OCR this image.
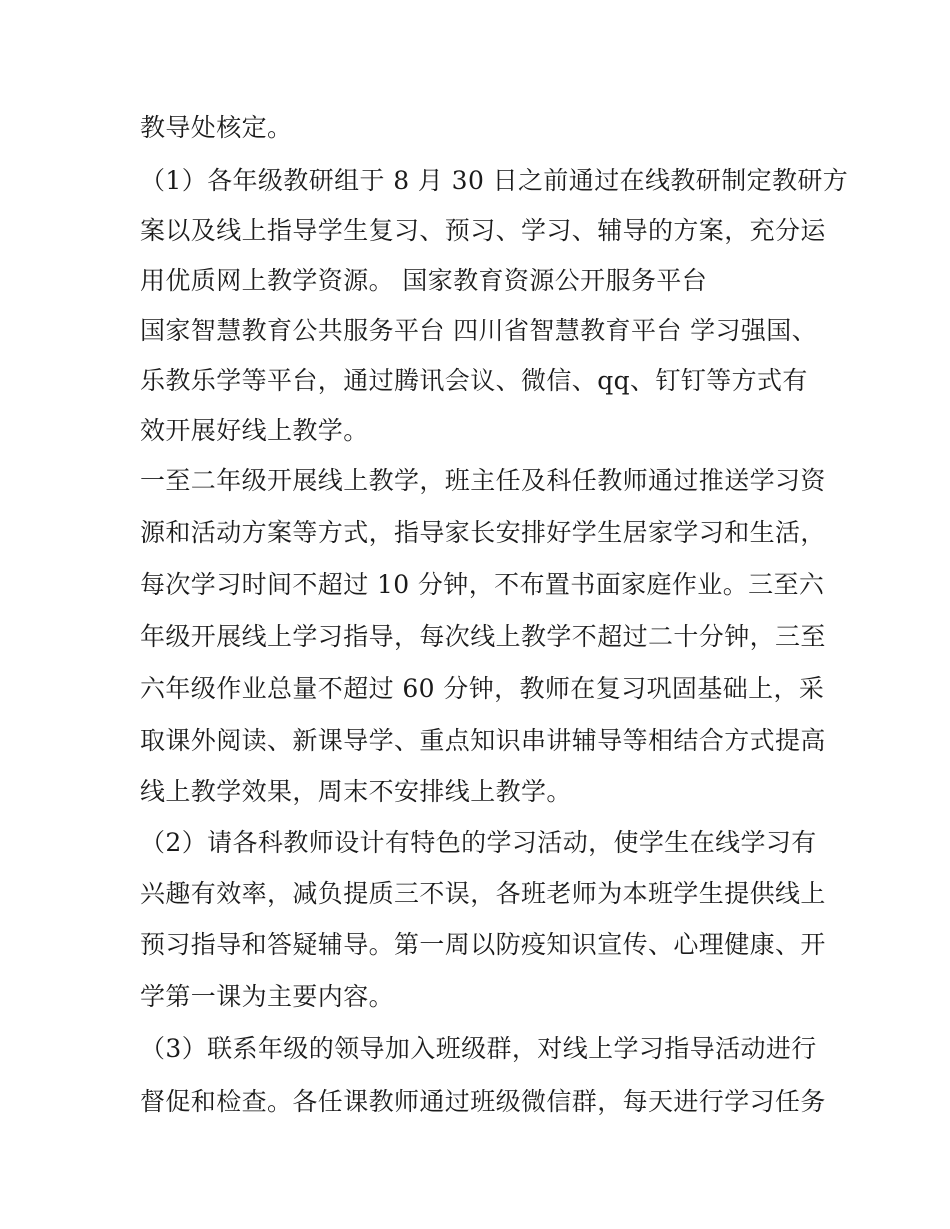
教导处核定。
（1）各年级教研组于 8 月 30 日之前通过在线教研制定教研方
案以及线上指导学生复习、预习、学习、辅导的方案，充分运
用优质网上教学资源。 国家教育资源公开服务平台
国家智慧教育公共服务平台 四川省智慧教育平台 学习强国、
乐教乐学等平台，通过腾讯会议、微信、qq、钉钉等方式有
效开展好线上教学。
一至二年级开展线上教学，班主任及科任教师通过推送学习资
源和活动方案等方式，指导家长安排好学生居家学习和生活，
每次学习时间不超过 10 分钟，不布置书面家庭作业。三至六
年级开展线上学习指导，每次线上教学不超过二十分钟，三至
六年级作业总量不超过 60 分钟，教师在复习巩固基础上，采
取课外阅读、新课导学、重点知识串讲辅导等相结合方式提高
线上教学效果，周末不安排线上教学。
（2）请各科教师设计有特色的学习活动，使学生在线学习有
兴趣有效率，减负提质三不误，各班老师为本班学生提供线上
预习指导和答疑辅导。第一周以防疫知识宣传、心理健康、开
学第一课为主要内容。
（3）联系年级的领导加入班级群，对线上学习指导活动进行
督促和检查。各任课教师通过班级微信群，每天进行学习任务
